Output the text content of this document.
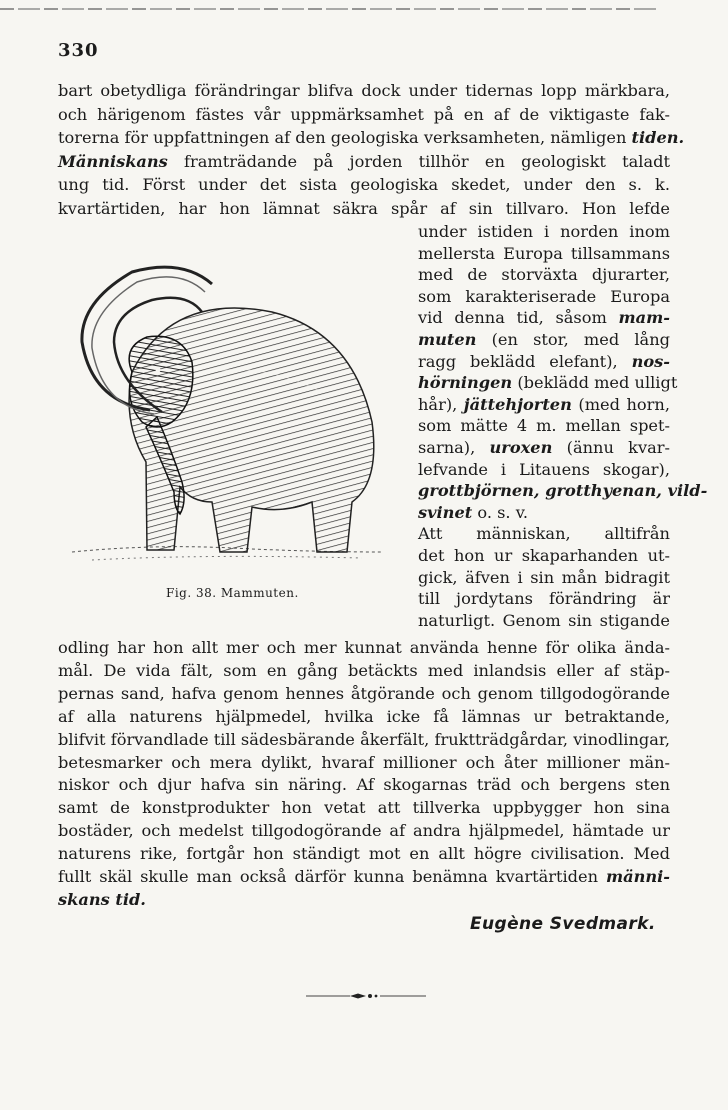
330
bart obetydliga förändringar blifva dock under tidernas lopp märkbara,
och härigenom fästes vår uppmärksamhet på en af de viktigaste fak-
torerna för uppfattningen af den geologiska verksamheten, nämligen tiden.
Människans framträdande på jorden tillhör en geologiskt taladt
ung tid. Först under det sista geologiska skedet, under den s. k.
kvartärtiden, har hon lämnat säkra spår af sin tillvaro. Hon lefde
under istiden i norden inom
mellersta Europa tillsammans
med de storväxta djurarter,
som karakteriserade Europa
vid denna tid, såsom mam-
muten (en stor, med lång
ragg beklädd elefant), nos-
hörningen (beklädd med ulligt
hår), jättehjorten (med horn,
som mätte 4 m. mellan spet-
sarna), uroxen (ännu kvar-
lefvande i Litauens skogar),
grottbjörnen, grotthyenan, vild-
svinet o. s. v.
Att människan, alltifrån
det hon ur skaparhanden ut-
gick, äfven i sin mån bidragit
till jordytans förändring är
naturligt. Genom sin stigande
odling har hon allt mer och mer kunnat använda henne för olika ända-
mål. De vida fält, som en gång betäckts med inlandsis eller af stäp-
pernas sand, hafva genom hennes åtgörande och genom tillgodogörande
af alla naturens hjälpmedel, hvilka icke få lämnas ur betraktande,
blifvit förvandlade till sädesbärande åkerfält, fruktträdgårdar, vinodlingar,
betesmarker och mera dylikt, hvaraf millioner och åter millioner män-
niskor och djur hafva sin näring. Af skogarnas träd och bergens sten
samt de konstprodukter hon vetat att tillverka uppbygger hon sina
bostäder, och medelst tillgodogörande af andra hjälpmedel, hämtade ur
naturens rike, fortgår hon ständigt mot en allt högre civilisation. Med
fullt skäl skulle man också därför kunna benämna kvartärtiden männi-
skans tid.
Fig. 38. Mammuten.
Eugène Svedmark.
